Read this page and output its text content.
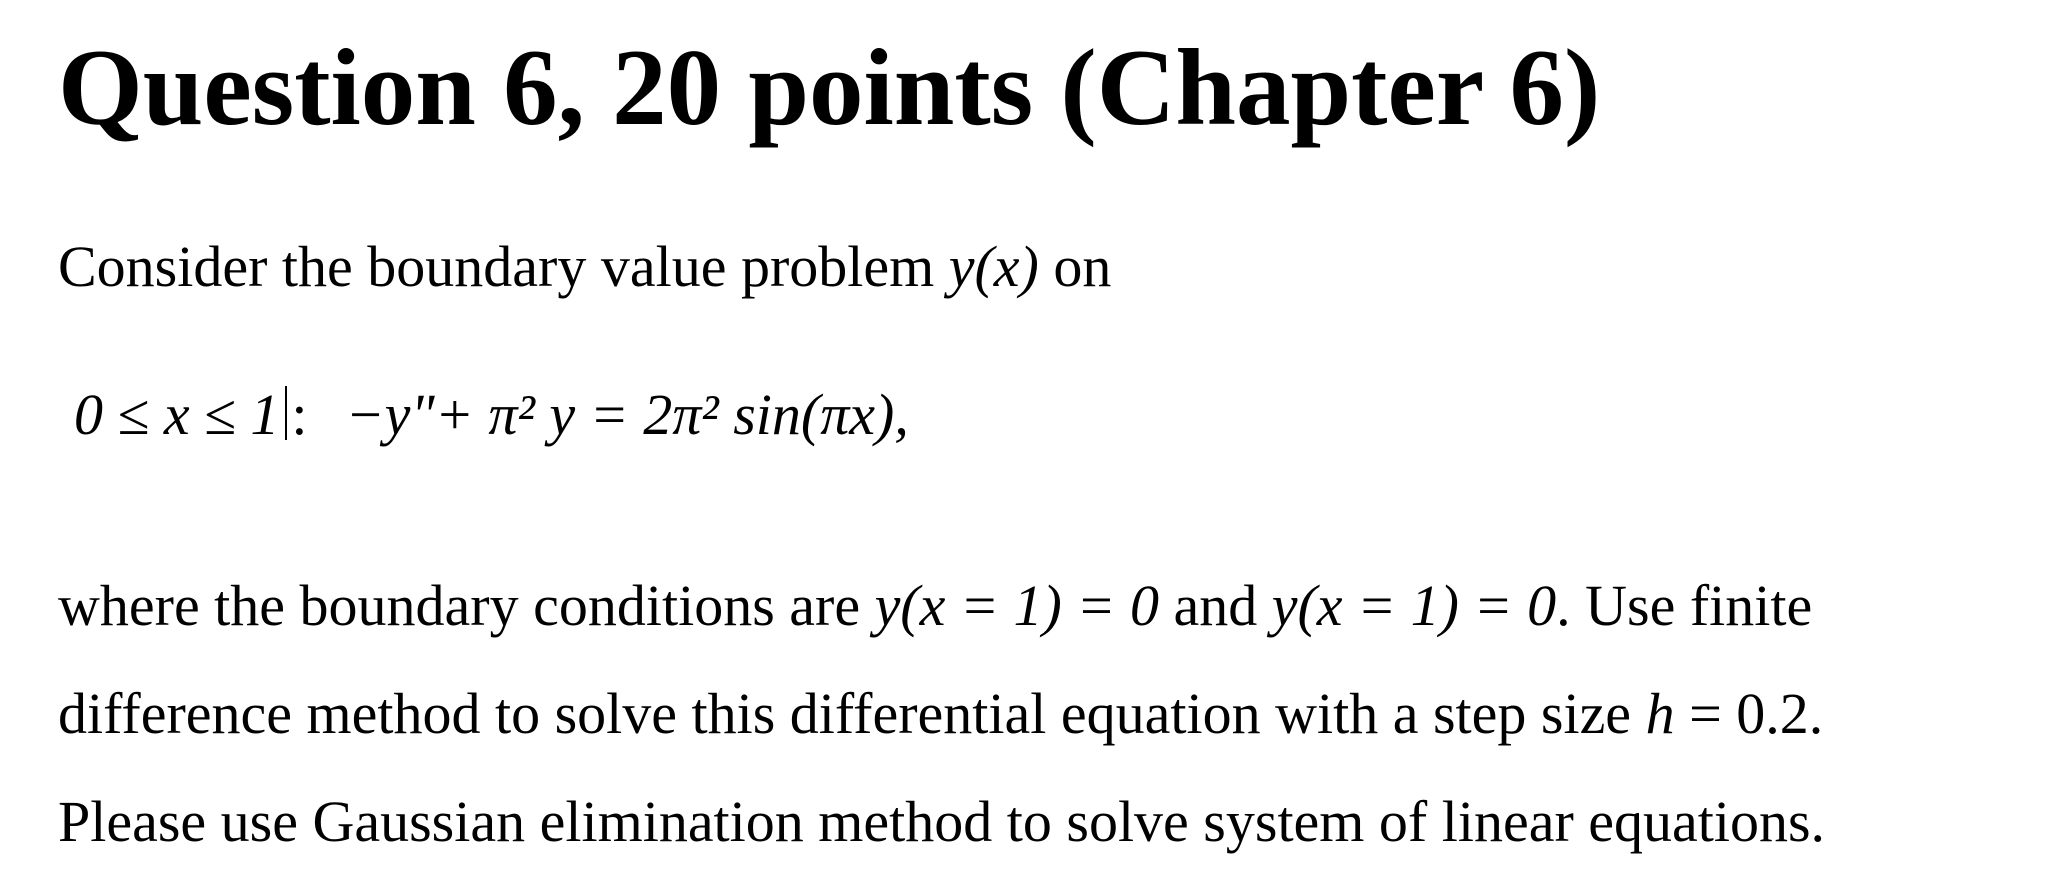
Question 6, 20 points (Chapter 6)

Consider the boundary value problem y(x) on

0 ≤ x ≤ 1 : −y"+ π² y = 2π² sin(πx),

where the boundary conditions are y(x = 1) = 0 and y(x = 1) = 0. Use finite

difference method to solve this differential equation with a step size h = 0.2.

Please use Gaussian elimination method to solve system of linear equations.
